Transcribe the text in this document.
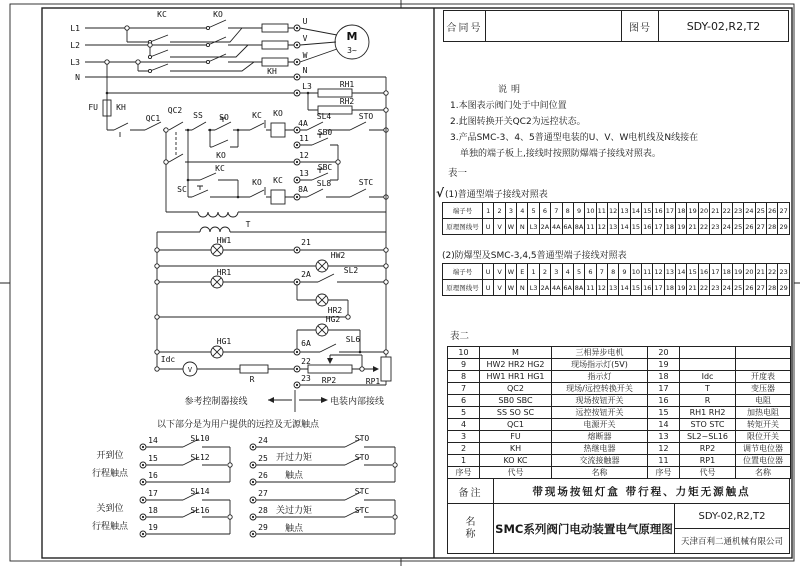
L1
L2
L3
N
KC	KO
KH
U
V
W
N
L3	RH1
RH2
M
3~
FU KH
QC1
QC2
SS SO	KC KO
4A
SL4	STO
KO
11
SB0
12
13
SBC
KC
SC
KO KC
8A
SL8	STC
T
HW1	21
HW2
HR1	2A	SL2
HR2
HG2
HG1	6A	SL6
Idc
V
R	RP2
22
23	RP1
参考控制器接线	电装内部接线
以下部分是为用户提供的远控及无源触点
开到位
行程触点
关到位
行程触点
开过力矩
触点
关过力矩
触点
14
15
16
17
18
19
24
25
26
27
28
29
SL10
SL12
SL14
SL16
STO
STO
STC
STC
合同号	图号	SDY-02,R2,T2
说明
1.本图表示阀门处于中间位置
2.此图转换开关QC2为远控状态。
3.产品SMC-3、4、5普通型电装的U、V、W电机线及N线接在
单独的端子板上,接线时按照防爆端子接线对照表。
表一
√(1)普通型端子接线对照表
端子号	1	2	3	4	5	6	7	8	9	10	11	12	13	14	15	16	17	18	19	20	21	22	23	24	25	26	27
原理图线号	U	V	W	N	L3	2A	4A	6A	8A	11	12	13	14	15	16	17	18	19	21	22	23	24	25	26	27	28	29
(2)防爆型及SMC-3,4,5普通型端子接线对照表
端子号	U	V	W	E	1	2	3	4	5	6	7	8	9	10	11	12	13	14	15	16	17	18	19	20	21	22	23
原理图线号	U	V	W	N	L3	2A	4A	6A	8A	11	12	13	14	15	16	17	18	19	21	22	23	24	25	26	27	28	29
表二
10	M	三相异步电机	20		
9	HW2 HR2 HG2	现场指示灯(5V)	19		
8	HW1 HR1 HG1	指示灯	18	Idc	开度表
7	QC2	现场/远控转换开关	17	T	变压器
6	SB0 SBC	现场按钮开关	16	R	电阻
5	SS SO SC	远控按钮开关	15	RH1 RH2	加热电阻
4	QC1	电源开关	14	STO STC	转矩开关
3	FU	熔断器	13	SL2~SL16	限位开关
2	KH	热继电器	12	RP2	调节电位器
1	KO KC	交流接触器	11	RP1	位置电位器
序号	代号	名称	序号	代号	名称
备注	带现场按钮灯盒 带行程、力矩无源触点
名
称 SMC系列阀门电动装置电气原理图
SDY-02,R2,T2
天津百利二通机械有限公司
